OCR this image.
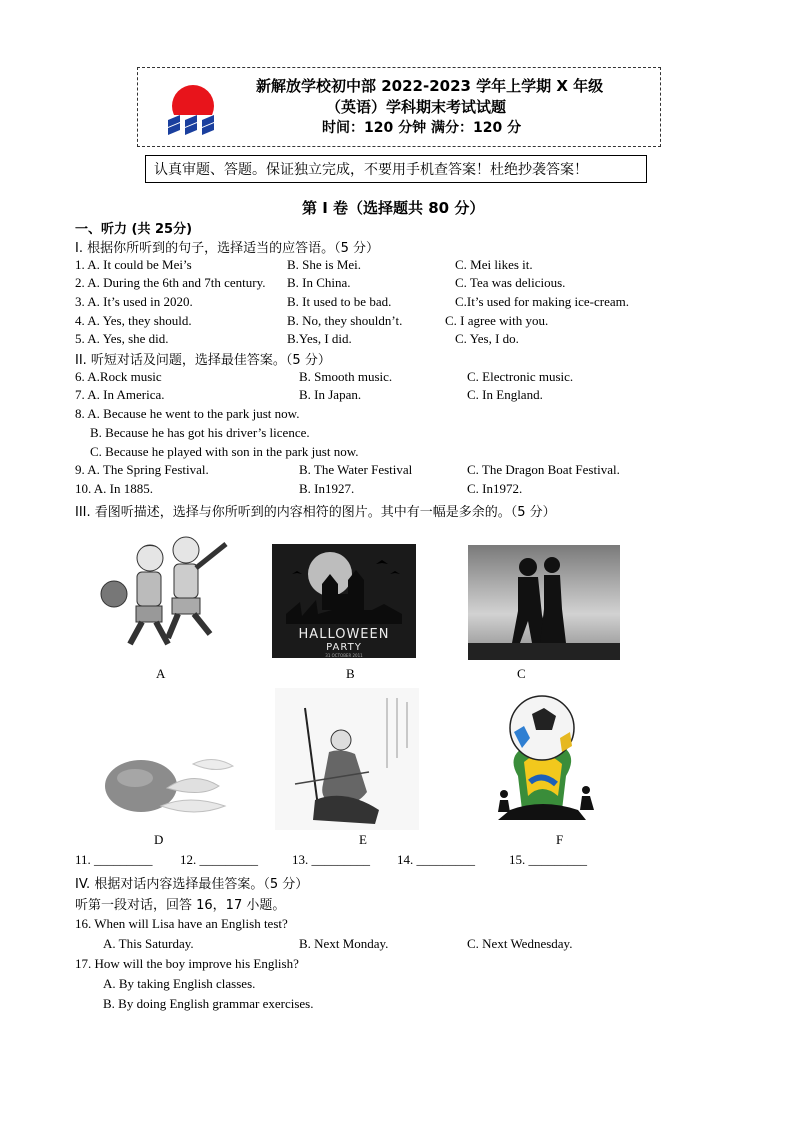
新解放学校初中部 2022-2023 学年上学期 X 年级
（英语）学科期末考试试题
时间：120 分钟 满分：120 分
认真审题、答题。保证独立完成，不要用手机查答案！杜绝抄袭答案！
第 I 卷（选择题共 80 分）
一、听力 (共 25分)
I. 根据你所听到的句子，选择适当的应答语。（5 分）
1. A. It could be Mei’s	B. She is Mei.	C. Mei likes it.
2. A. During the 6th and 7th century. B. In China.	C. Tea was delicious.
3. A. It’s used in 2020.	B. It used to be bad.	C.It’s used for making ice-cream.
4. A. Yes, they should.	B. No, they shouldn’t.	C. I agree with you.
5. A. Yes, she did.	B.Yes, I did.	C. Yes, I do.
II. 听短对话及问题，选择最佳答案。（5 分）
6. A.Rock music	B. Smooth music.	C. Electronic music.
7. A. In America.	B. In Japan.	C. In England.
8. A. Because he went to the park just now.
B. Because he has got his driver’s licence.
C. Because he played with son in the park just now.
9. A. The Spring Festival.	B. The Water Festival	C. The Dragon Boat Festival.
10. A. In 1885.	B. In1927.	C. In1972.
III. 看图听描述，选择与你所听到的内容相符的图片。其中有一幅是多余的。（5 分）
A
HALLOWEEN
PARTY
31 OCTOBER 2011
B	C
D	E	F
11. _________ 12. _________	13. _________ 14. _________	15. _________
IV. 根据对话内容选择最佳答案。（5 分）
听第一段对话，回答 16，17 小题。
16. When will Lisa have an English test?
A. This Saturday.	B. Next Monday.	C. Next Wednesday.
17. How will the boy improve his English?
A. By taking English classes.
B. By doing English grammar exercises.
